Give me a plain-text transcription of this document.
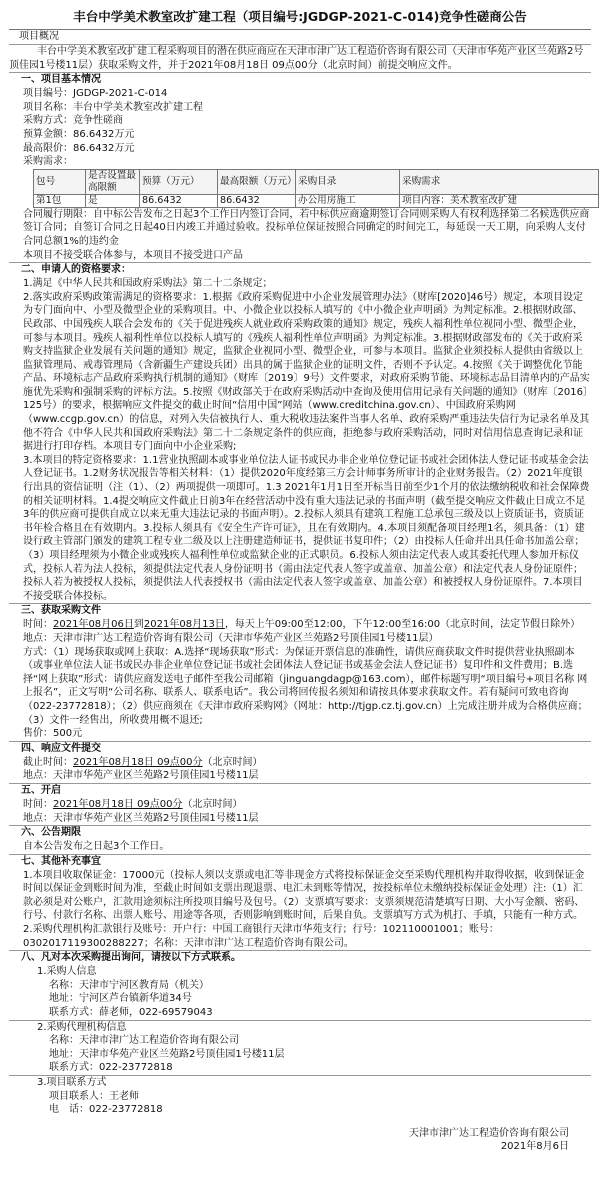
丰台中学美术教室改扩建工程（项目编号:JGDGP-2021-C-014)竞争性磋商公告
项目概况
丰台中学美术教室改扩建工程采购项目的潜在供应商应在天津市津广达工程造价咨询有限公司（天津市华苑产业区兰苑路2号顶佳园1号楼11层）获取采购文件，并于2021年08月18日 09点00分（北京时间）前提交响应文件。
一、项目基本情况
项目编号：JGDGP-2021-C-014
项目名称：丰台中学美术教室改扩建工程
采购方式：竞争性磋商
预算金额：86.6432万元
最高限价：86.6432万元
采购需求：
包号	是否设置最高限额	预算（万元）	最高限额（万元）	采购目录	采购需求
第1包	是	86.6432	86.6432	办公用房施工	项目内容：美术教室改扩建
合同履行期限：自中标公告发布之日起3个工作日内签订合同，若中标供应商逾期签订合同则采购人有权利选择第二名候选供应商签订合同；自签订合同之日起40日内竣工并通过验收。投标单位保证按照合同确定的时间完工，每延误一天工期，向采购人支付合同总额1%的违约金
本项目不接受联合体参与，本项目不接受进口产品
二、申请人的资格要求：
1.满足《中华人民共和国政府采购法》第二十二条规定；
2.落实政府采购政策需满足的资格要求：1.根据《政府采购促进中小企业发展管理办法》（财库[2020]46号）规定，本项目设定为专门面向中、小型及微型企业的采购项目。中、小微企业以投标人填写的《中小微企业声明函》为判定标准。2.根据财政部、民政部、中国残疾人联合会发布的《关于促进残疾人就业政府采购政策的通知》规定，残疾人福利性单位视同小型、微型企业，可参与本项目。残疾人福利性单位以投标人填写的《残疾人福利性单位声明函》为判定标准。3.根据财政部发布的《关于政府采购支持监狱企业发展有关问题的通知》规定，监狱企业视同小型、微型企业，可参与本项目。监狱企业须投标人提供由省级以上监狱管理局、戒毒管理局（含新疆生产建设兵团）出具的属于监狱企业的证明文件，否则不予认定。4.按照《关于调整优化节能产品、环境标志产品政府采购执行机制的通知》（财库〔2019〕9号）文件要求，对政府采购节能、环境标志品目清单内的产品实施优先采购和强制采购的评标方法。5.按照《财政部关于在政府采购活动中查询及使用信用记录有关问题的通知》（财库〔2016〕125号）的要求，根据响应文件提交的截止时间“信用中国”网站（www.creditchina.gov.cn）、中国政府采购网（www.ccgp.gov.cn）的信息，对列入失信被执行人、重大税收违法案件当事人名单、政府采购严重违法失信行为记录名单及其他不符合《中华人民共和国政府采购法》第二十二条规定条件的供应商，拒绝参与政府采购活动，同时对信用信息查询记录和证据进行打印存档。本项目专门面向中小企业采购;
3.本项目的特定资格要求：1.1营业执照副本或事业单位法人证书或民办非企业单位登记证书或社会团体法人登记证书或基金会法人登记证书。1.2财务状况报告等相关材料：（1）提供2020年度经第三方会计师事务所审计的企业财务报告。（2）2021年度银行出具的资信证明（注（1）、（2）两项提供一项即可。1.3 2021年1月1日至开标当日前至少1个月的依法缴纳税收和社会保障费的相关证明材料。1.4提交响应文件截止日前3年在经营活动中没有重大违法记录的书面声明（截至提交响应文件截止日成立不足3年的供应商可提供自成立以来无重大违法记录的书面声明）。2.投标人须具有建筑工程施工总承包三级及以上资质证书，资质证书年检合格且在有效期内。3.投标人须具有《安全生产许可证》，且在有效期内。4.本项目须配备项目经理1名，须具备：（1）建设行政主管部门颁发的建筑工程专业二级及以上注册建造师证书，提供证书复印件；（2）由投标人任命并出具任命书加盖公章；（3）项目经理须为小微企业或残疾人福利性单位或监狱企业的正式职员。6.投标人须由法定代表人或其委托代理人参加开标仪式，投标人若为法人投标，须提供法定代表人身份证明书（需由法定代表人签字或盖章、加盖公章）和法定代表人身份证原件；投标人若为被授权人投标，须提供法人代表授权书（需由法定代表人签字或盖章、加盖公章）和被授权人身份证原件。7.本项目不接受联合体投标。
三、获取采购文件
时间：2021年08月06日到2021年08月13日，每天上午09:00至12:00，下午12:00至16:00（北京时间，法定节假日除外）
地点：天津市津广达工程造价咨询有限公司（天津市华苑产业区兰苑路2号顶佳园1号楼11层）
方式：（1）现场获取或网上获取：A.选择“现场获取”形式：为保证开票信息的准确性，请供应商获取文件时提供营业执照副本（或事业单位法人证书或民办非企业单位登记证书或社会团体法人登记证书或基金会法人登记证书）复印件和文件费用；B.选择“网上获取”形式：请供应商发送电子邮件至我公司邮箱（jinguangdagp@163.com），邮件标题写明“项目编号+项目名称 网上报名”，正文写明“公司名称、联系人、联系电话”。我公司将回传报名须知和请按具体要求获取文件。若有疑问可致电咨询（022-23772818）；（2）供应商须在《天津市政府采购网》（网址：http://tjgp.cz.tj.gov.cn）上完成注册并成为合格供应商；（3）文件一经售出，所收费用概不退还;
售价：500元
四、响应文件提交
截止时间：2021年08月18日 09点00分（北京时间）
地点：天津市华苑产业区兰苑路2号顶佳园1号楼11层
五、开启
时间：2021年08月18日 09点00分（北京时间）
地点：天津市华苑产业区兰苑路2号顶佳园1号楼11层
六、公告期限
自本公告发布之日起3个工作日。
七、其他补充事宜
1.本项目收取保证金：17000元（投标人须以支票或电汇等非现金方式将投标保证金交至采购代理机构并取得收据，收到保证金时间以保证金到账时间为准，至截止时间如支票出现退票、电汇未到账等情况，按投标单位未缴纳投标保证金处理）注:（1）汇款必须是对公账户，汇款用途须标注所投项目编号及包号。（2）支票填写要求：支票须规范清楚填写日期、大小写金额、密码、行号、付款行名称、出票人账号、用途等各项，否则影响到账时间，后果自负。支票填写方式为机打、手填，只能有一种方式。2.采购代理机构汇款银行及账号：开户行：中国工商银行天津市华苑支行；行号：102110001001；账号：0302017119300288227；名称：天津市津广达工程造价咨询有限公司。
八、凡对本次采购提出询问，请按以下方式联系。
1.采购人信息
名称：天津市宁河区教育局（机关）
地址：宁河区芦台镇新华道34号
联系方式：薛老师，022-69579043
2.采购代理机构信息
名称：天津市津广达工程造价咨询有限公司
地址：天津市华苑产业区兰苑路2号顶佳园1号楼11层
联系方式：022-23772818
3.项目联系方式
项目联系人：王老师
电　话：022-23772818
天津市津广达工程造价咨询有限公司
2021年8月6日
